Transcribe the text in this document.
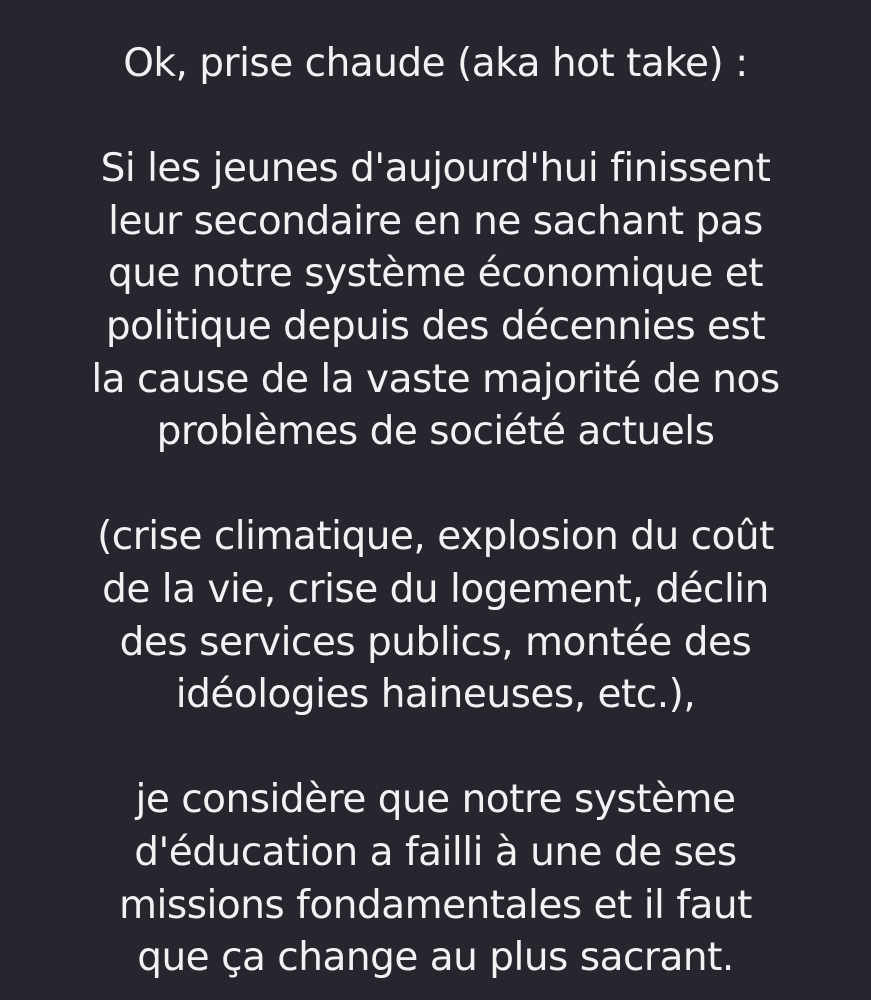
Ok, prise chaude (aka hot take) :

Si les jeunes d'aujourd'hui finissent
leur secondaire en ne sachant pas
que notre système économique et
politique depuis des décennies est
la cause de la vaste majorité de nos
problèmes de société actuels

(crise climatique, explosion du coût
de la vie, crise du logement, déclin
des services publics, montée des
idéologies haineuses, etc.),

je considère que notre système
d'éducation a failli à une de ses
missions fondamentales et il faut
que ça change au plus sacrant.
